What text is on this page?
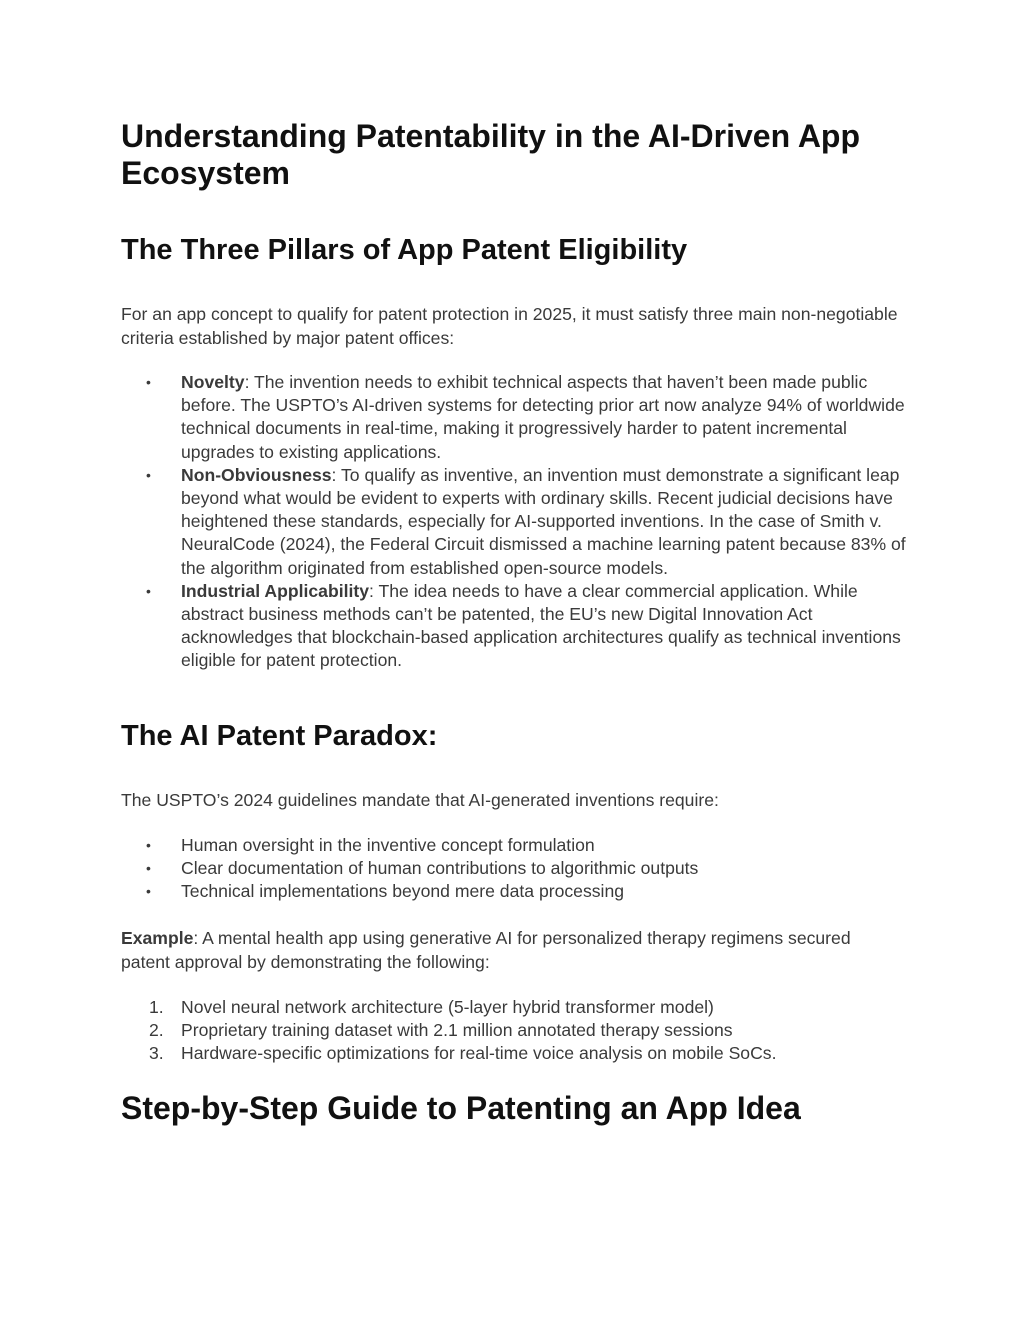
Understanding Patentability in the AI-Driven App Ecosystem
The Three Pillars of App Patent Eligibility

For an app concept to qualify for patent protection in 2025, it must satisfy three main non-negotiable criteria established by major patent offices:

• Novelty: The invention needs to exhibit technical aspects that haven’t been made public before. The USPTO’s AI-driven systems for detecting prior art now analyze 94% of worldwide technical documents in real-time, making it progressively harder to patent incremental upgrades to existing applications.
• Non-Obviousness: To qualify as inventive, an invention must demonstrate a significant leap beyond what would be evident to experts with ordinary skills. Recent judicial decisions have heightened these standards, especially for AI-supported inventions. In the case of Smith v. NeuralCode (2024), the Federal Circuit dismissed a machine learning patent because 83% of the algorithm originated from established open-source models.
• Industrial Applicability: The idea needs to have a clear commercial application. While abstract business methods can’t be patented, the EU’s new Digital Innovation Act acknowledges that blockchain-based application architectures qualify as technical inventions eligible for patent protection.
The AI Patent Paradox:

The USPTO’s 2024 guidelines mandate that AI-generated inventions require:

• Human oversight in the inventive concept formulation
• Clear documentation of human contributions to algorithmic outputs
• Technical implementations beyond mere data processing

Example: A mental health app using generative AI for personalized therapy regimens secured patent approval by demonstrating the following:

1. Novel neural network architecture (5-layer hybrid transformer model)
2. Proprietary training dataset with 2.1 million annotated therapy sessions
3. Hardware-specific optimizations for real-time voice analysis on mobile SoCs.
Step-by-Step Guide to Patenting an App Idea
